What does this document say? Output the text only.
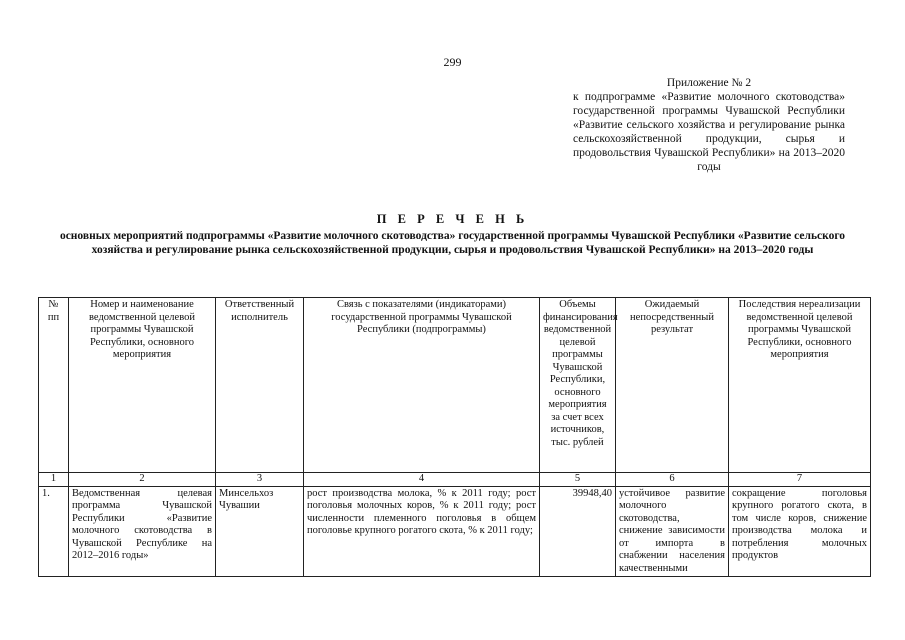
299
Приложение № 2
к подпрограмме «Развитие молочного скотоводства» государственной программы Чувашской Республики «Развитие сельского хозяйства и регулирование рынка сельскохозяйственной продукции, сырья и продовольствия Чувашской Республики» на 2013–2020 годы
П Е Р Е Ч Е Н Ь
основных мероприятий подпрограммы «Развитие молочного скотоводства» государственной программы Чувашской Республики «Развитие сельского хозяйства и регулирование рынка сельскохозяйственной продукции, сырья и продовольствия Чувашской Республики» на 2013–2020 годы
№ пп	Номер и наименование ведомственной целевой программы Чувашской Республики, основного мероприятия	Ответственный исполнитель	Связь с показателями (индикаторами) государственной программы Чувашской Республики (подпрограммы)	Объемы финансирования ведомственной целевой программы Чувашской Республики, основного мероприятия за счет всех источников, тыс. рублей	Ожидаемый непосредственный результат	Последствия нереализации ведомственной целевой программы Чувашской Республики, основного мероприятия
1	2	3	4	5	6	7
1.	Ведомственная целевая программа Чувашской Республики «Развитие молочного скотоводства в Чувашской Республике на 2012–2016 годы»	Минсельхоз Чувашии	рост производства молока, % к 2011 году; рост поголовья молочных коров, % к 2011 году; рост численности племенного поголовья в общем поголовье крупного рогатого скота, % к 2011 году;	39948,40	устойчивое развитие молочного скотоводства, снижение зависимости от импорта в снабжении населения качественными	сокращение поголовья крупного рогатого скота, в том числе коров, снижение производства молока и потребления молочных продуктов
